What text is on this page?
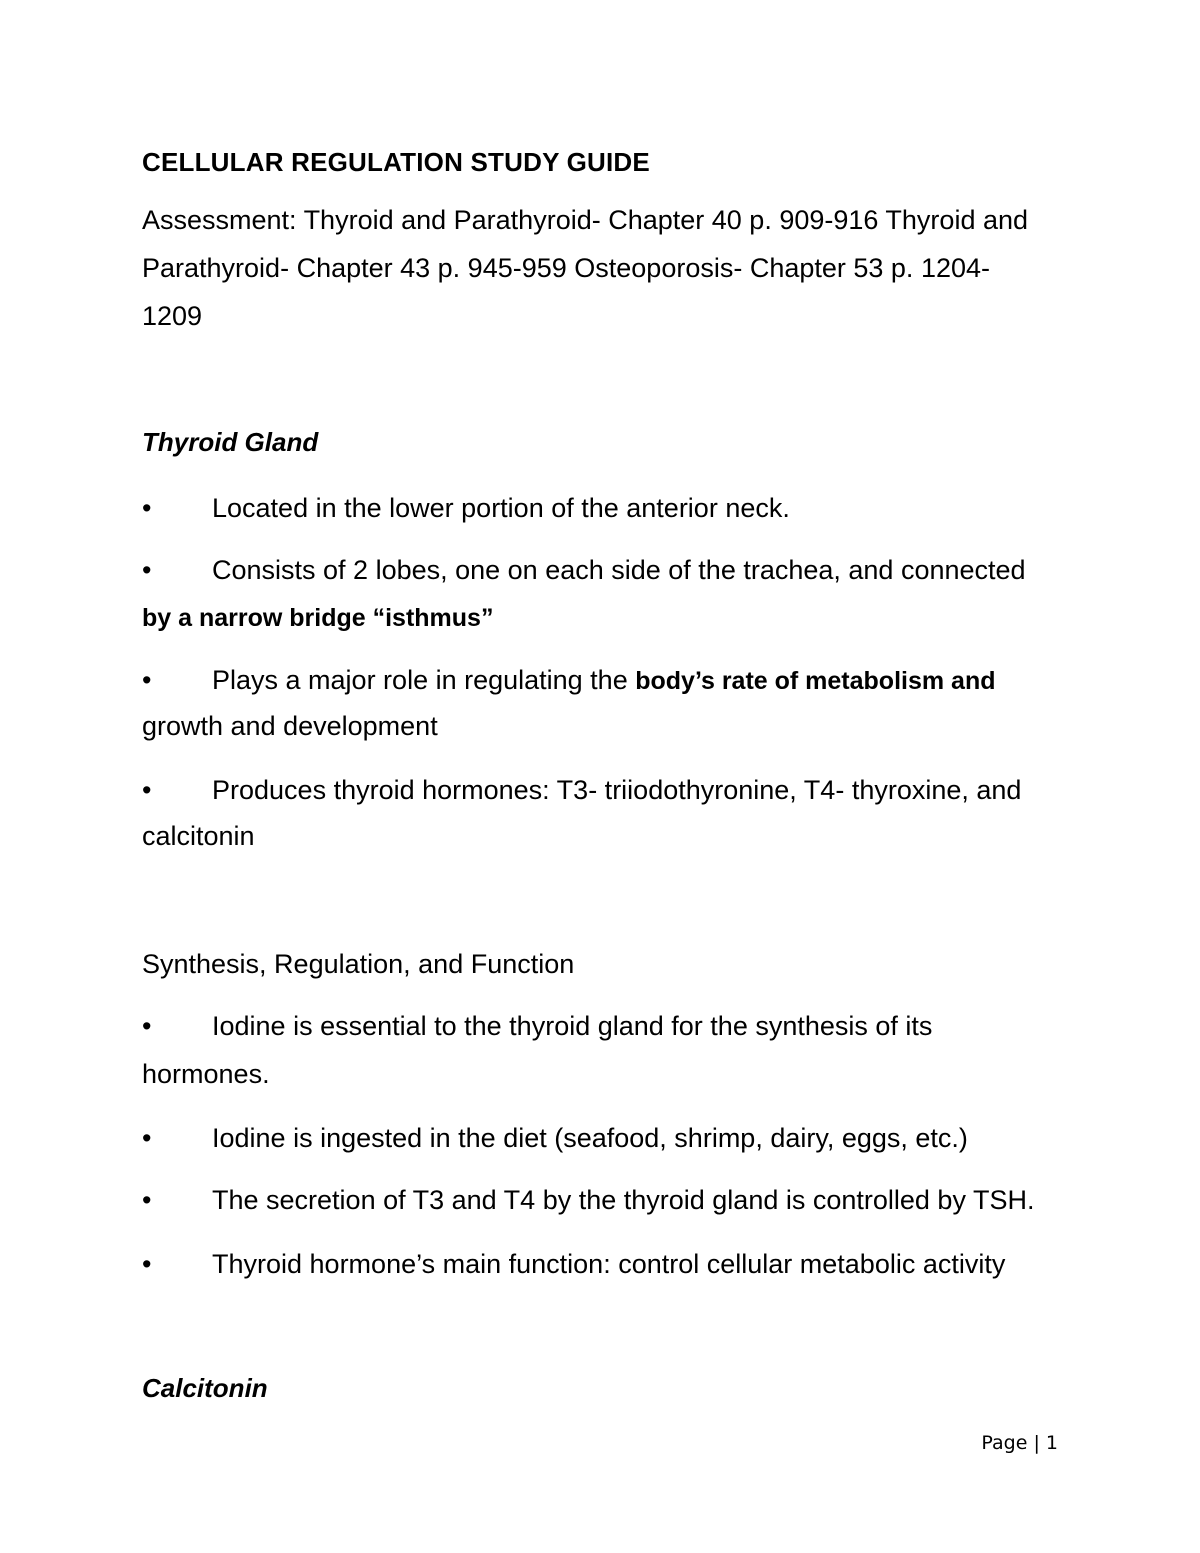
CELLULAR REGULATION STUDY GUIDE
Assessment: Thyroid and Parathyroid- Chapter 40 p. 909-916 Thyroid and
Parathyroid- Chapter 43 p. 945-959 Osteoporosis- Chapter 53 p. 1204-
1209
Thyroid Gland
• Located in the lower portion of the anterior neck.
• Consists of 2 lobes, one on each side of the trachea, and connected
by a narrow bridge “isthmus”
• Plays a major role in regulating the body’s rate of metabolism and
growth and development
• Produces thyroid hormones: T3- triiodothyronine, T4- thyroxine, and
calcitonin
Synthesis, Regulation, and Function
• Iodine is essential to the thyroid gland for the synthesis of its
hormones.
• Iodine is ingested in the diet (seafood, shrimp, dairy, eggs, etc.)
• The secretion of T3 and T4 by the thyroid gland is controlled by TSH.
• Thyroid hormone’s main function: control cellular metabolic activity
Calcitonin
Page | 1
